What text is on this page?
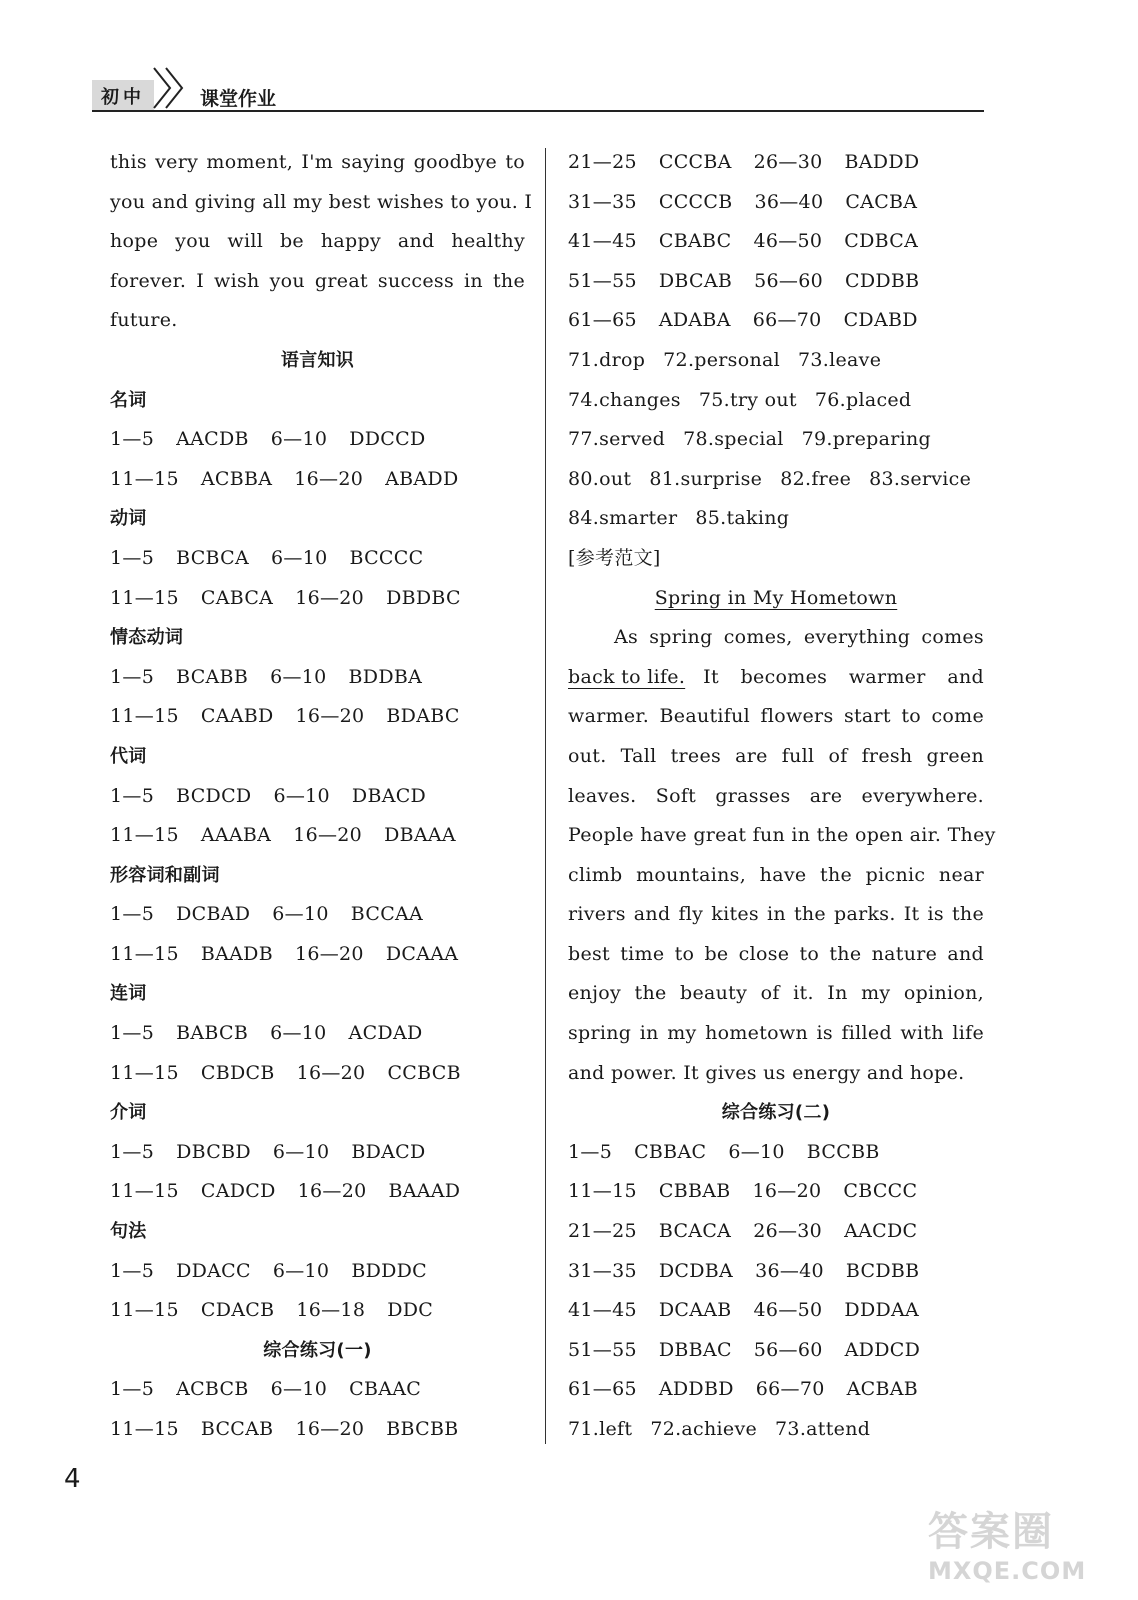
初中	课堂作业
this very moment, I'm saying goodbye to
you and giving all my best wishes to you. I
hope you will be happy and healthy
forever. I wish you great success in the
future.
语言知识
名词
1—5 AACDB 6—10 DDCCD
11—15 ACBBA 16—20 ABADD
动词
1—5 BCBCA 6—10 BCCCC
11—15 CABCA 16—20 DBDBC
情态动词
1—5 BCABB 6—10 BDDBA
11—15 CAABD 16—20 BDABC
代词
1—5 BCDCD 6—10 DBACD
11—15 AAABA 16—20 DBAAA
形容词和副词
1—5 DCBAD 6—10 BCCAA
11—15 BAADB 16—20 DCAAA
连词
1—5 BABCB 6—10 ACDAD
11—15 CBDCB 16—20 CCBCB
介词
1—5 DBCBD 6—10 BDACD
11—15 CADCD 16—20 BAAAD
句法
1—5 DDACC 6—10 BDDDC
11—15 CDACB 16—18 DDC
综合练习(一)
1—5 ACBCB 6—10 CBAAC
11—15 BCCAB 16—20 BBCBB
21—25 CCCBA 26—30 BADDD
31—35 CCCCB 36—40 CACBA
41—45 CBABC 46—50 CDBCA
51—55 DBCAB 56—60 CDDBB
61—65 ADABA 66—70 CDABD
71.drop 72.personal 73.leave
74.changes 75.try out 76.placed
77.served 78.special 79.preparing
80.out 81.surprise 82.free 83.service
84.smarter 85.taking
[参考范文]
Spring in My Hometown
As spring comes, everything comes
back to life. It becomes warmer and
warmer. Beautiful flowers start to come
out. Tall trees are full of fresh green
leaves. Soft grasses are everywhere.
People have great fun in the open air. They
climb mountains, have the picnic near
rivers and fly kites in the parks. It is the
best time to be close to the nature and
enjoy the beauty of it. In my opinion,
spring in my hometown is filled with life
and power. It gives us energy and hope.
综合练习(二)
1—5 CBBAC 6—10 BCCBB
11—15 CBBAB 16—20 CBCCC
21—25 BCACA 26—30 AACDC
31—35 DCDBA 36—40 BCDBB
41—45 DCAAB 46—50 DDDAA
51—55 DBBAC 56—60 ADDCD
61—65 ADDBD 66—70 ACBAB
71.left 72.achieve 73.attend
4
答案圈
MXQE.COM
